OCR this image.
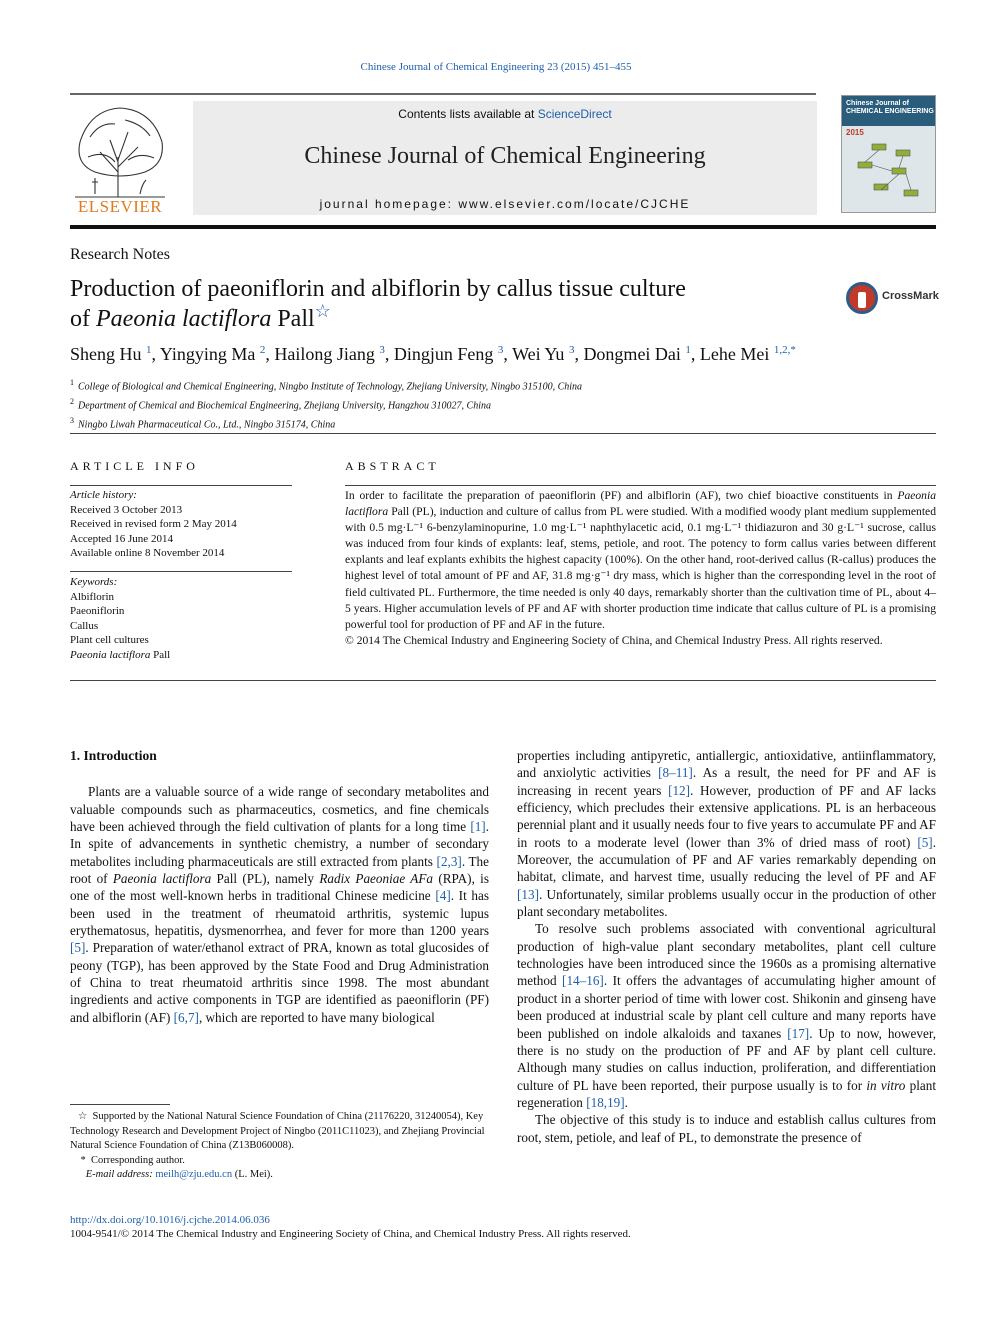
Chinese Journal of Chemical Engineering 23 (2015) 451–455
ELSEVIER
Contents lists available at ScienceDirect
Chinese Journal of Chemical Engineering
journal homepage: www.elsevier.com/locate/CJCHE
Chinese Journal of CHEMICAL ENGINEERING
2015
Research Notes
Production of paeoniflorin and albiflorin by callus tissue culture
of Paeonia lactiflora Pall☆
CrossMark
Sheng Hu $^1$, Yingying Ma $^2$, Hailong Jiang $^3$, Dingjun Feng $^3$, Wei Yu $^3$, Dongmei Dai $^1$, Lehe Mei $^{1,2,*}$
$^1$ College of Biological and Chemical Engineering, Ningbo Institute of Technology, Zhejiang University, Ningbo 315100, China
$^2$ Department of Chemical and Biochemical Engineering, Zhejiang University, Hangzhou 310027, China
$^3$ Ningbo Liwah Pharmaceutical Co., Ltd., Ningbo 315174, China
ARTICLE INFO
Article history:
Received 3 October 2013
Received in revised form 2 May 2014
Accepted 16 June 2014
Available online 8 November 2014
Keywords:
Albiflorin
Paeoniflorin
Callus
Plant cell cultures
Paeonia lactiflora Pall
ABSTRACT

In order to facilitate the preparation of paeoniflorin (PF) and albiflorin (AF), two chief bioactive constituents in Paeonia lactiflora Pall (PL), induction and culture of callus from PL were studied. With a modified woody plant medium supplemented with 0.5 mg·L⁻¹ 6-benzylaminopurine, 1.0 mg·L⁻¹ naphthylacetic acid, 0.1 mg·L⁻¹ thidiazuron and 30 g·L⁻¹ sucrose, callus was induced from four kinds of explants: leaf, stems, petiole, and root. The potency to form callus varies between different explants and leaf explants exhibits the highest capacity (100%). On the other hand, root-derived callus (R-callus) produces the highest level of total amount of PF and AF, 31.8 mg·g⁻¹ dry mass, which is higher than the corresponding level in the root of field cultivated PL. Furthermore, the time needed is only 40 days, remarkably shorter than the cultivation time of PL, about 4–5 years. Higher accumulation levels of PF and AF with shorter production time indicate that callus culture of PL is a promising powerful tool for production of PF and AF in the future.

© 2014 The Chemical Industry and Engineering Society of China, and Chemical Industry Press. All rights reserved.

1. Introduction

Plants are a valuable source of a wide range of secondary metabolites and valuable compounds such as pharmaceutics, cosmetics, and fine chemicals have been achieved through the field cultivation of plants for a long time [1]. In spite of advancements in synthetic chemistry, a number of secondary metabolites including pharmaceuticals are still extracted from plants [2,3]. The root of Paeonia lactiflora Pall (PL), namely Radix Paeoniae AFa (RPA), is one of the most well-known herbs in traditional Chinese medicine [4]. It has been used in the treatment of rheumatoid arthritis, systemic lupus erythematosus, hepatitis, dysmenorrhea, and fever for more than 1200 years [5]. Preparation of water/ethanol extract of PRA, known as total glucosides of peony (TGP), has been approved by the State Food and Drug Administration of China to treat rheumatoid arthritis since 1998. The most abundant ingredients and active components in TGP are identified as paeoniflorin (PF) and albiflorin (AF) [6,7], which are reported to have many biological

properties including antipyretic, antiallergic, antioxidative, antiinflammatory, and anxiolytic activities [8–11]. As a result, the need for PF and AF is increasing in recent years [12]. However, production of PF and AF lacks efficiency, which precludes their extensive applications. PL is an herbaceous perennial plant and it usually needs four to five years to accumulate PF and AF in roots to a moderate level (lower than 3% of dried mass of root) [5]. Moreover, the accumulation of PF and AF varies remarkably depending on habitat, climate, and harvest time, usually reducing the level of PF and AF [13]. Unfortunately, similar problems usually occur in the production of other plant secondary metabolites.

To resolve such problems associated with conventional agricultural production of high-value plant secondary metabolites, plant cell culture technologies have been introduced since the 1960s as a promising alternative method [14–16]. It offers the advantages of accumulating higher amount of product in a shorter period of time with lower cost. Shikonin and ginseng have been produced at industrial scale by plant cell culture and many reports have been published on indole alkaloids and taxanes [17]. Up to now, however, there is no study on the production of PF and AF by plant cell culture. Although many studies on callus induction, proliferation, and differentiation culture of PL have been reported, their purpose usually is to for in vitro plant regeneration [18,19].

The objective of this study is to induce and establish callus cultures from root, stem, petiole, and leaf of PL, to demonstrate the presence of

☆ Supported by the National Natural Science Foundation of China (21176220, 31240054), Key Technology Research and Development Project of Ningbo (2011C11023), and Zhejiang Provincial Natural Science Foundation of China (Z13B060008).
* Corresponding author.
E-mail address: meilh@zju.edu.cn (L. Mei).
http://dx.doi.org/10.1016/j.cjche.2014.06.036
1004-9541/© 2014 The Chemical Industry and Engineering Society of China, and Chemical Industry Press. All rights reserved.
